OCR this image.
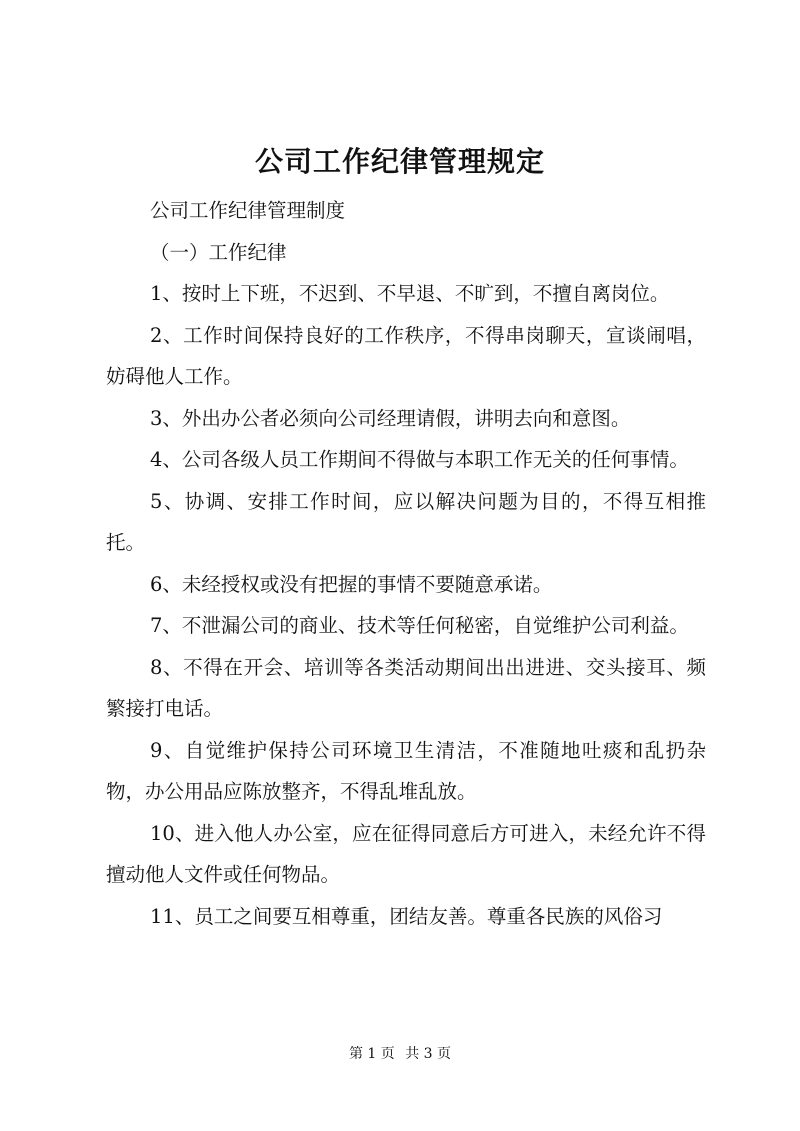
公司工作纪律管理规定

公司工作纪律管理制度

（一）工作纪律

1、按时上下班，不迟到、不早退、不旷到，不擅自离岗位。

2、工作时间保持良好的工作秩序，不得串岗聊天，宣谈闹唱，妨碍他人工作。

3、外出办公者必须向公司经理请假，讲明去向和意图。

4、公司各级人员工作期间不得做与本职工作无关的任何事情。

5、协调、安排工作时间，应以解决问题为目的，不得互相推托。

6、未经授权或没有把握的事情不要随意承诺。

7、不泄漏公司的商业、技术等任何秘密，自觉维护公司利益。

8、不得在开会、培训等各类活动期间出出进进、交头接耳、频繁接打电话。

9、自觉维护保持公司环境卫生清洁，不准随地吐痰和乱扔杂物，办公用品应陈放整齐，不得乱堆乱放。

10、进入他人办公室，应在征得同意后方可进入，未经允许不得擅动他人文件或任何物品。

11、员工之间要互相尊重，团结友善。尊重各民族的风俗习

第 1 页 共 3 页
